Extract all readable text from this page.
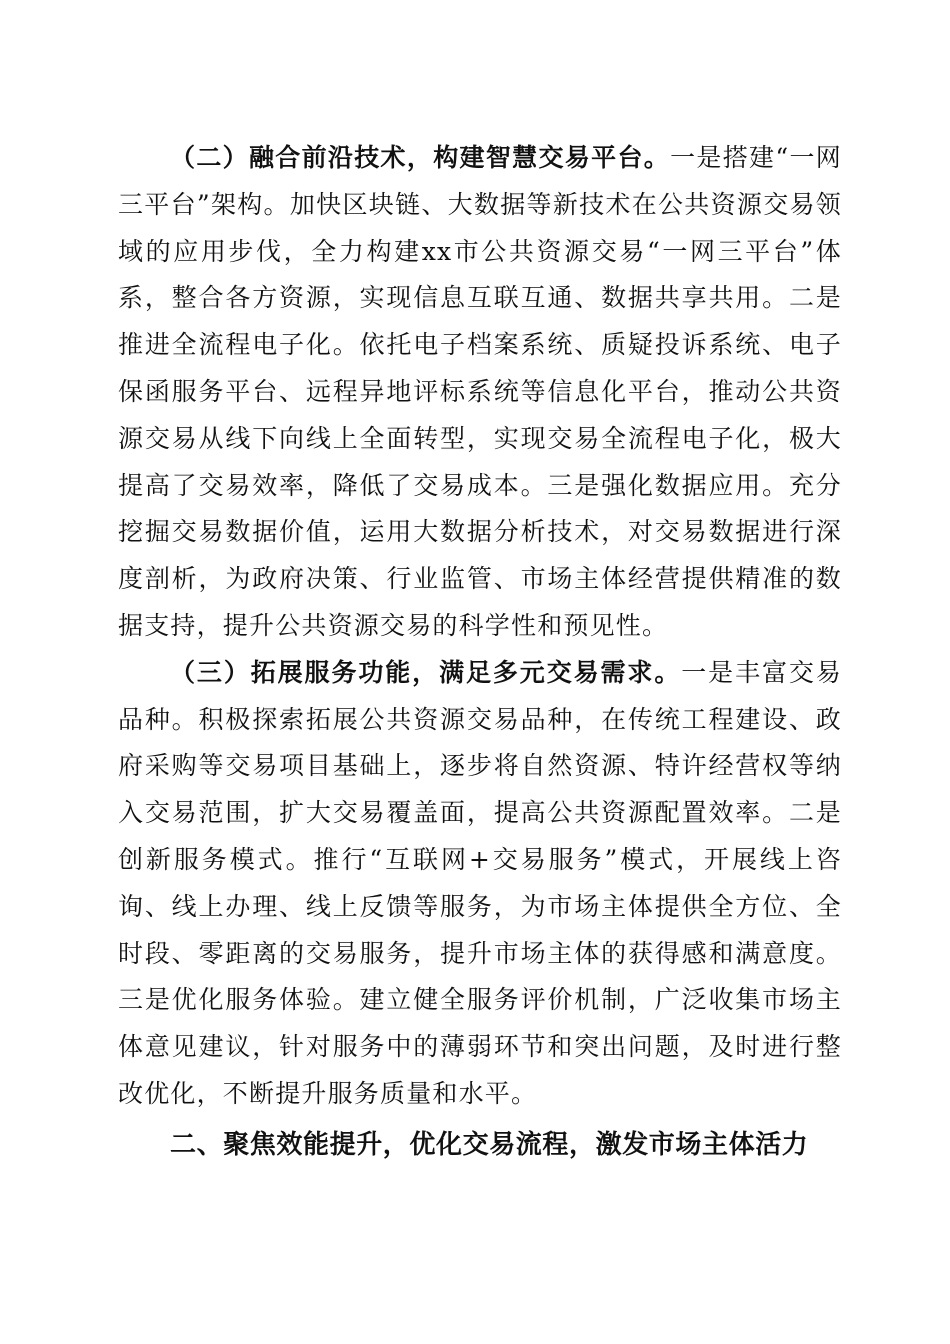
（二）融合前沿技术，构建智慧交易平台。一是搭建“一网三平台”架构。加快区块链、大数据等新技术在公共资源交易领域的应用步伐，全力构建xx市公共资源交易“一网三平台”体系，整合各方资源，实现信息互联互通、数据共享共用。二是推进全流程电子化。依托电子档案系统、质疑投诉系统、电子保函服务平台、远程异地评标系统等信息化平台，推动公共资源交易从线下向线上全面转型，实现交易全流程电子化，极大提高了交易效率，降低了交易成本。三是强化数据应用。充分挖掘交易数据价值，运用大数据分析技术，对交易数据进行深度剖析，为政府决策、行业监管、市场主体经营提供精准的数据支持，提升公共资源交易的科学性和预见性。

（三）拓展服务功能，满足多元交易需求。一是丰富交易品种。积极探索拓展公共资源交易品种，在传统工程建设、政府采购等交易项目基础上，逐步将自然资源、特许经营权等纳入交易范围，扩大交易覆盖面，提高公共资源配置效率。二是创新服务模式。推行“互联网+交易服务”模式，开展线上咨询、线上办理、线上反馈等服务，为市场主体提供全方位、全时段、零距离的交易服务，提升市场主体的获得感和满意度。三是优化服务体验。建立健全服务评价机制，广泛收集市场主体意见建议，针对服务中的薄弱环节和突出问题，及时进行整改优化，不断提升服务质量和水平。

二、聚焦效能提升，优化交易流程，激发市场主体活力
